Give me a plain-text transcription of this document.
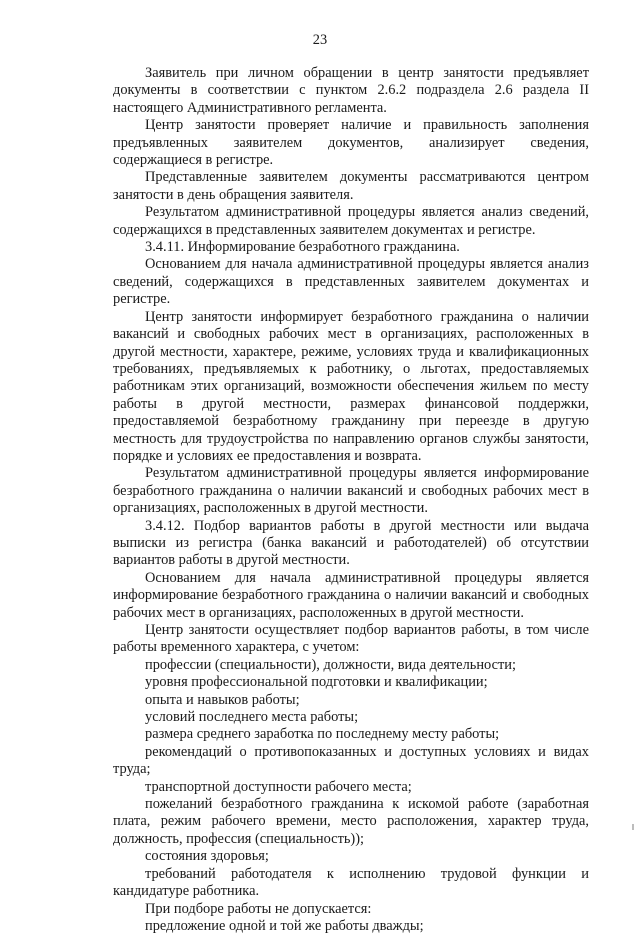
23

Заявитель при личном обращении в центр занятости предъявляет документы в соответствии с пунктом 2.6.2 подраздела 2.6 раздела II настоящего Административного регламента.

Центр занятости проверяет наличие и правильность заполнения предъявленных заявителем документов, анализирует сведения, содержащиеся в регистре.

Представленные заявителем документы рассматриваются центром занятости в день обращения заявителя.

Результатом административной процедуры является анализ сведений, содержащихся в представленных заявителем документах и регистре.

3.4.11. Информирование безработного гражданина.

Основанием для начала административной процедуры является анализ сведений, содержащихся в представленных заявителем документах и регистре.

Центр занятости информирует безработного гражданина о наличии вакансий и свободных рабочих мест в организациях, расположенных в другой местности, характере, режиме, условиях труда и квалификационных требованиях, предъявляемых к работнику, о льготах, предоставляемых работникам этих организаций, возможности обеспечения жильем по месту работы в другой местности, размерах финансовой поддержки, предоставляемой безработному гражданину при переезде в другую местность для трудоустройства по направлению органов службы занятости, порядке и условиях ее предоставления и возврата.

Результатом административной процедуры является информирование безработного гражданина о наличии вакансий и свободных рабочих мест в организациях, расположенных в другой местности.

3.4.12. Подбор вариантов работы в другой местности или выдача выписки из регистра (банка вакансий и работодателей) об отсутствии вариантов работы в другой местности.

Основанием для начала административной процедуры является информирование безработного гражданина о наличии вакансий и свободных рабочих мест в организациях, расположенных в другой местности.

Центр занятости осуществляет подбор вариантов работы, в том числе работы временного характера, с учетом:

профессии (специальности), должности, вида деятельности;

уровня профессиональной подготовки и квалификации;

опыта и навыков работы;

условий последнего места работы;

размера среднего заработка по последнему месту работы;

рекомендаций о противопоказанных и доступных условиях и видах труда;

транспортной доступности рабочего места;

пожеланий безработного гражданина к искомой работе (заработная плата, режим рабочего времени, место расположения, характер труда, должность, профессия (специальность));

состояния здоровья;

требований работодателя к исполнению трудовой функции и кандидатуре работника.

При подборе работы не допускается:

предложение одной и той же работы дважды;
